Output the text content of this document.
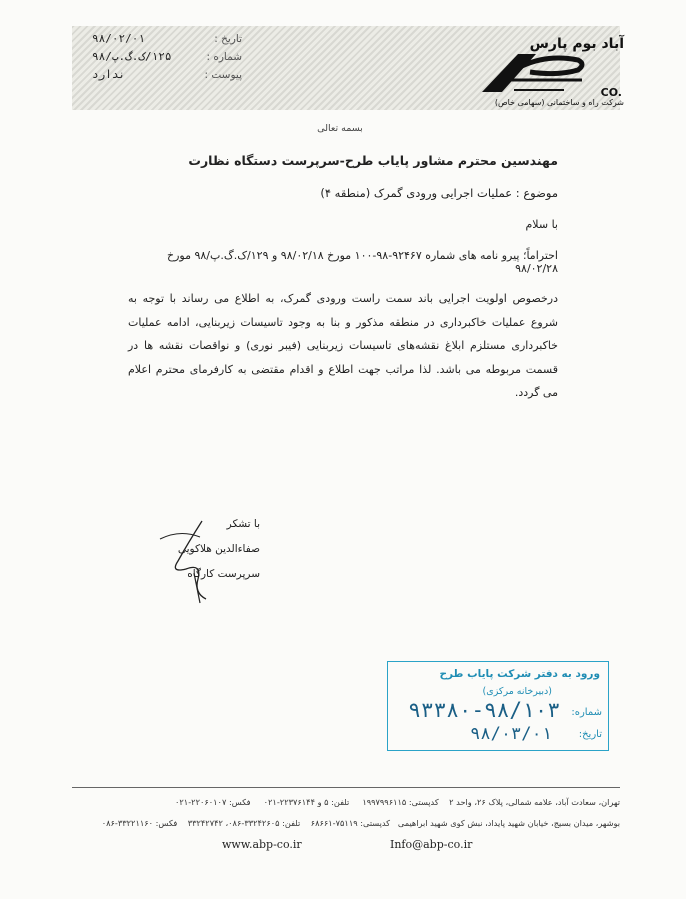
تاریخ :
۹۸/۰۲/۰۱
شماره :
۱۲۵/ک.گ.پ/۹۸
پیوست :
ندارد
آباد بوم پارس
CO.
شرکت راه و ساختمانی (سهامی خاص)
بسمه تعالی
مهندسین محترم مشاور پایاب طرح-سرپرست دستگاه نظارت
موضوع : عملیات اجرایی ورودی گمرک (منطقه ۴)
با سلام
احتراماً؛ پیرو نامه های شماره ۹۲۴۶۷-۹۸-۱۰۰ مورخ ۹۸/۰۲/۱۸ و ۱۲۹/ک.گ.پ/۹۸ مورخ ۹۸/۰۲/۲۸
درخصوص اولویت اجرایی باند سمت راست ورودی گمرک، به اطلاع می رساند با توجه به شروع عملیات خاکبرداری در منطقه مذکور و بنا به وجود تاسیسات زیربنایی، ادامه عملیات خاکبرداری مستلزم ابلاغ نقشه‌های تاسیسات زیربنایی (فیبر نوری) و نواقصات نقشه ها در قسمت مربوطه می باشد. لذا مراتب جهت اطلاع و اقدام مقتضی به کارفرمای محترم اعلام می گردد.
با تشکر
صفاءالدین هلاکویی
سرپرست کارگاه
ورود به دفتر شرکت پایاب طرح
(دبیرخانه مرکزی)
شماره:
۹۳۳۸۰-۹۸/۱۰۳
تاریخ:
۹۸/۰۳/۰۱
تهران، سعادت آباد، علامه شمالی، پلاک ۲۶، واحد ۲    کدپستی: ۱۹۹۷۹۹۶۱۱۵     تلفن: ۵ و ۲۲۳۷۶۱۴۴-۰۲۱     فکس: ۲۲۰۶۰۱۰۷-۰۲۱
بوشهر، میدان بسیج، خیابان شهید پایداد، نبش کوی شهید ابراهیمی   کدپستی: ۷۵۱۱۹-۶۸۶۶۱    تلفن: ۳۳۲۴۲۶۰۵-۰۸۶، ۳۳۲۴۲۷۴۲    فکس: ۳۳۲۲۱۱۶۰-۰۸۶
www.abp-co.ir	Info@abp-co.ir
